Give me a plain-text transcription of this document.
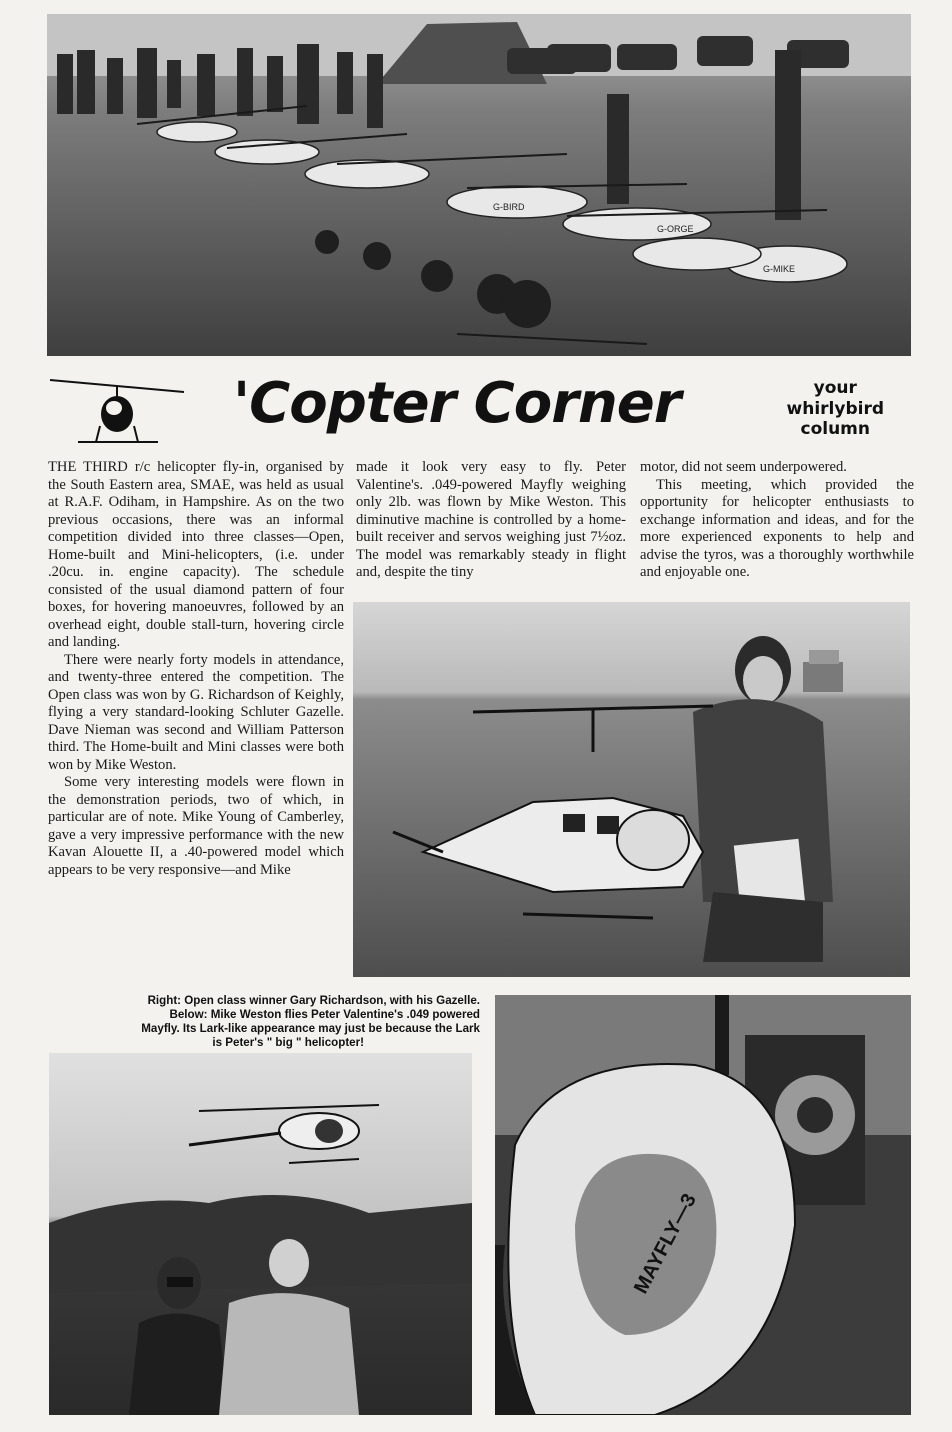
G-MIKE
G-ORGE
G-BIRD
'Copter Corner	your
whirlybird
column

THE THIRD r/c helicopter fly-in, organised by the South Eastern area, SMAE, was held as usual at R.A.F. Odiham, in Hampshire. As on the two previous occasions, there was an informal competition divided into three classes—Open, Home-built and Mini-helicopters, (i.e. under .20cu. in. engine capacity). The schedule consisted of the usual diamond pattern of four boxes, for hovering manoeuvres, followed by an overhead eight, double stall-turn, hovering circle and landing.

There were nearly forty models in attendance, and twenty-three entered the competition. The Open class was won by G. Richardson of Keighly, flying a very standard-looking Schluter Gazelle. Dave Nieman was second and William Patterson third. The Home-built and Mini classes were both won by Mike Weston.

Some very interesting models were flown in the demonstration periods, two of which, in particular are of note. Mike Young of Camberley, gave a very impressive performance with the new Kavan Alouette II, a .40-powered model which appears to be very responsive—and Mike

made it look very easy to fly. Peter Valentine's. .049-powered Mayfly weighing only 2lb. was flown by Mike Weston. This diminutive machine is controlled by a home-built receiver and servos weighing just 7½oz. The model was remarkably steady in flight and, despite the tiny

motor, did not seem underpowered.

This meeting, which provided the opportunity for helicopter enthusiasts to exchange information and ideas, and for the more experienced exponents to help and advise the tyros, was a thoroughly worthwhile and enjoyable one.

Right: Open class winner Gary Richardson, with his Gazelle.
Below: Mike Weston flies Peter Valentine's .049 powered
Mayfly. Its Lark-like appearance may just be because the Lark
is Peter's " big " helicopter!
MAYFLY—3
